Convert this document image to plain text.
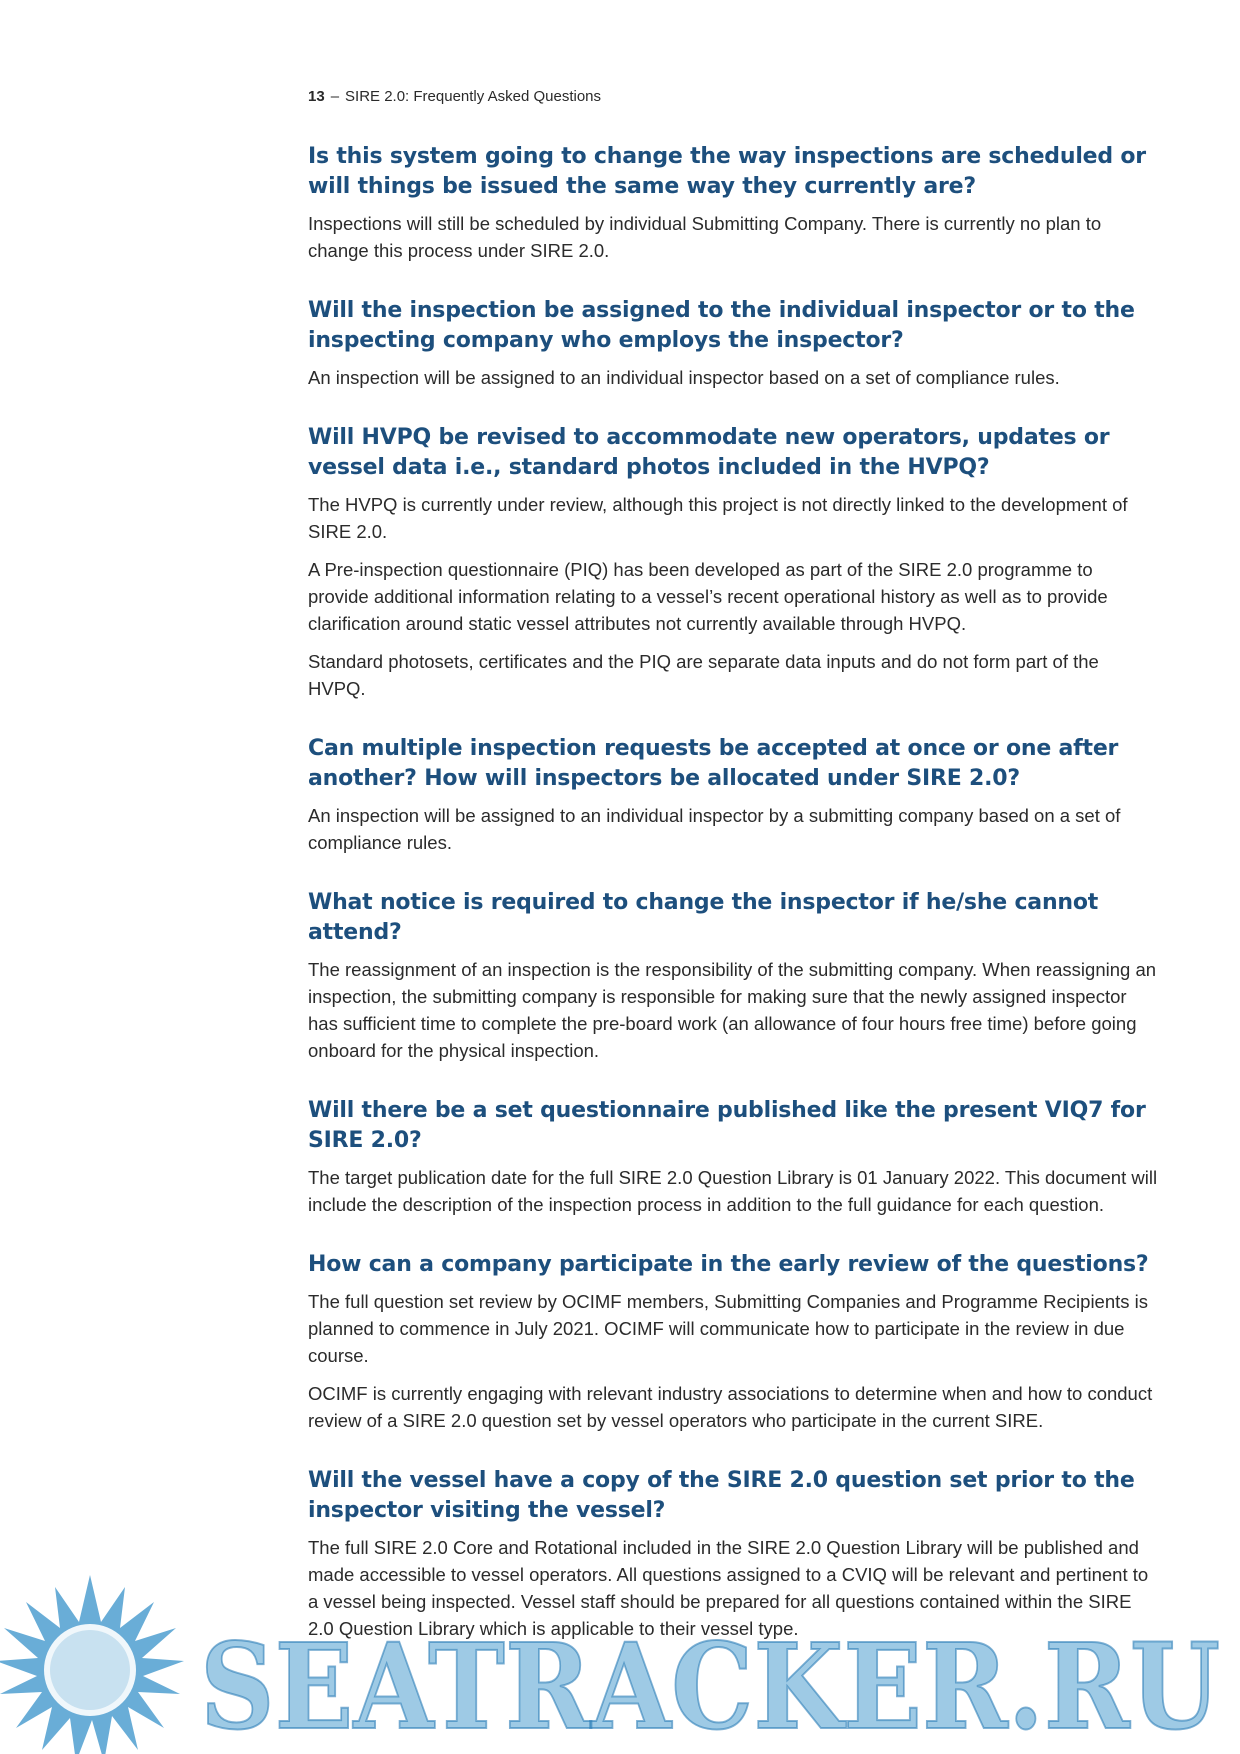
13 – SIRE 2.0: Frequently Asked Questions
Is this system going to change the way inspections are scheduled or will things be issued the same way they currently are?

Inspections will still be scheduled by individual Submitting Company. There is currently no plan to change this process under SIRE 2.0.

Will the inspection be assigned to the individual inspector or to the inspecting company who employs the inspector?

An inspection will be assigned to an individual inspector based on a set of compliance rules.

Will HVPQ be revised to accommodate new operators, updates or vessel data i.e., standard photos included in the HVPQ?

The HVPQ is currently under review, although this project is not directly linked to the development of SIRE 2.0.

A Pre-inspection questionnaire (PIQ) has been developed as part of the SIRE 2.0 programme to provide additional information relating to a vessel’s recent operational history as well as to provide clarification around static vessel attributes not currently available through HVPQ.

Standard photosets, certificates and the PIQ are separate data inputs and do not form part of the HVPQ.

Can multiple inspection requests be accepted at once or one after another? How will inspectors be allocated under SIRE 2.0?

An inspection will be assigned to an individual inspector by a submitting company based on a set of compliance rules.

What notice is required to change the inspector if he/she cannot attend?

The reassignment of an inspection is the responsibility of the submitting company. When reassigning an inspection, the submitting company is responsible for making sure that the newly assigned inspector has sufficient time to complete the pre-board work (an allowance of four hours free time) before going onboard for the physical inspection.

Will there be a set questionnaire published like the present VIQ7 for SIRE 2.0?

The target publication date for the full SIRE 2.0 Question Library is 01 January 2022. This document will include the description of the inspection process in addition to the full guidance for each question.

How can a company participate in the early review of the questions?

The full question set review by OCIMF members, Submitting Companies and Programme Recipients is planned to commence in July 2021. OCIMF will communicate how to participate in the review in due course.

OCIMF is currently engaging with relevant industry associations to determine when and how to conduct review of a SIRE 2.0 question set by vessel operators who participate in the current SIRE.

Will the vessel have a copy of the SIRE 2.0 question set prior to the inspector visiting the vessel?

The full SIRE 2.0 Core and Rotational included in the SIRE 2.0 Question Library will be published and made accessible to vessel operators. All questions assigned to a CVIQ will be relevant and pertinent to a vessel being inspected. Vessel staff should be prepared for all questions contained within the SIRE 2.0 Question Library which is applicable to their vessel type.

SEATRACKER.RU
